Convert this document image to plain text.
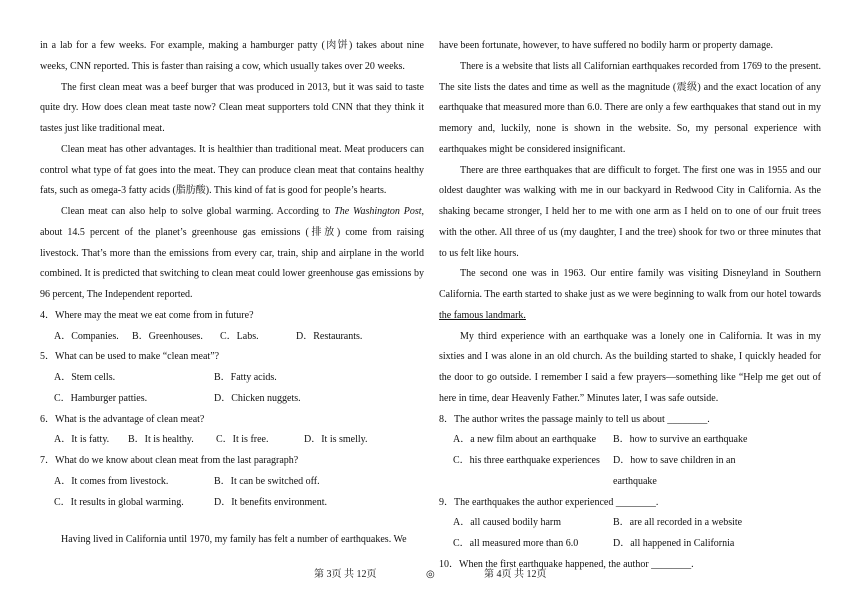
in a lab for a few weeks. For example, making a hamburger patty (肉饼) takes about nine weeks, CNN reported. This is faster than raising a cow, which usually takes over 20 weeks.

The first clean meat was a beef burger that was produced in 2013, but it was said to taste quite dry. How does clean meat taste now? Clean meat supporters told CNN that they think it tastes just like traditional meat.

Clean meat has other advantages. It is healthier than traditional meat. Meat producers can control what type of fat goes into the meat. They can produce clean meat that contains healthy fats, such as omega-3 fatty acids (脂肪酸). This kind of fat is good for people’s hearts.

Clean meat can also help to solve global warming. According to The Washington Post, about 14.5 percent of the planet’s greenhouse gas emissions (排放) come from raising livestock. That’s more than the emissions from every car, train, ship and airplane in the world combined. It is predicted that switching to clean meat could lower greenhouse gas emissions by 96 percent, The Independent reported.

4．Where may the meat we eat come from in future?

A．Companies.	B．Greenhouses.	C．Labs.	D．Restaurants.

5．What can be used to make “clean meat”?

A．Stem cells.	B．Fatty acids.
C．Hamburger patties.	D．Chicken nuggets.

6．What is the advantage of clean meat?

A．It is fatty.	B．It is healthy.	C．It is free.	D．It is smelly.

7．What do we know about clean meat from the last paragraph?

A．It comes from livestock.	B．It can be switched off.
C．It results in global warming.	D．It benefits environment.

Having lived in California until 1970, my family has felt a number of earthquakes. We

have been fortunate, however, to have suffered no bodily harm or property damage.

There is a website that lists all Californian earthquakes recorded from 1769 to the present. The site lists the dates and time as well as the magnitude (震级) and the exact location of any earthquake that measured more than 6.0. There are only a few earthquakes that stand out in my memory and, luckily, none is shown in the website. So, my personal experience with earthquakes might be considered insignificant.

There are three earthquakes that are difficult to forget. The first one was in 1955 and our oldest daughter was walking with me in our backyard in Redwood City in California. As the shaking became stronger, I held her to me with one arm as I held on to one of our fruit trees with the other. All three of us (my daughter, I and the tree) shook for two or three minutes that to us felt like hours.

The second one was in 1963. Our entire family was visiting Disneyland in Southern California. The earth started to shake just as we were beginning to walk from our hotel towards the famous landmark.

My third experience with an earthquake was a lonely one in California. It was in my sixties and I was alone in an old church. As the building started to shake, I quickly headed for the door to go outside. I remember I said a few prayers—something like “Help me get out of here in time, dear Heavenly Father.” Minutes later, I was safe outside.

8．The author writes the passage mainly to tell us about ________.

A．a new film about an earthquake	B．how to survive an earthquake
C．his three earthquake experiences	D．how to save children in an earthquake

9．The earthquakes the author experienced ________.

A．all caused bodily harm	B．are all recorded in a website
C．all measured more than 6.0	D．all happened in California

10．When the first earthquake happened, the author ________.

第 3页 共 12页	◎	第 4页 共 12页
